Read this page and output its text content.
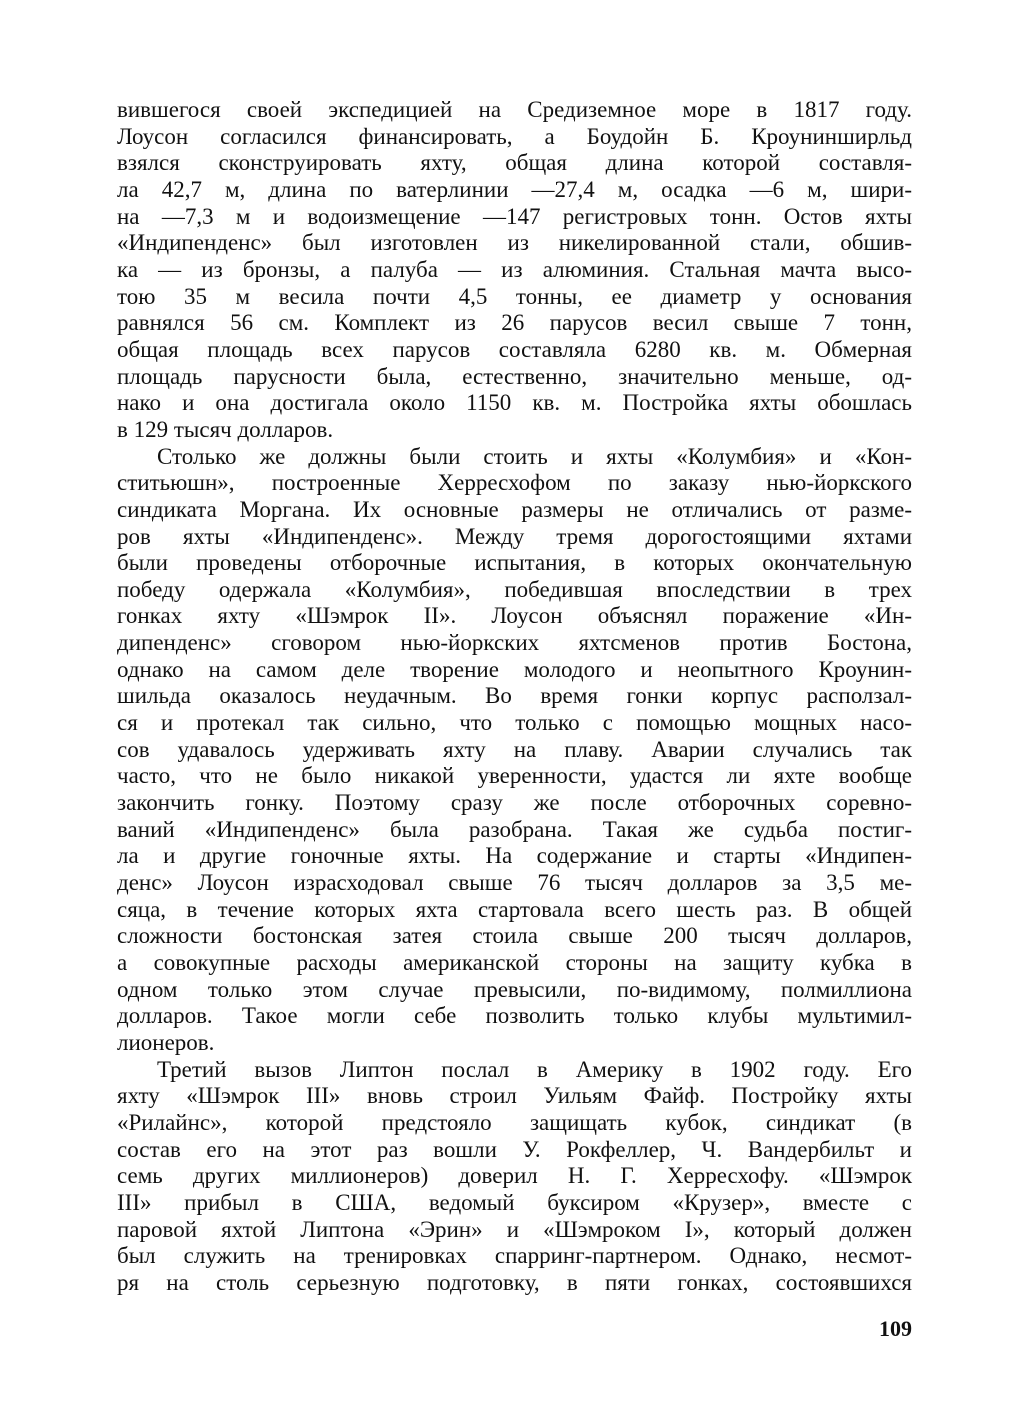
вившегося своей экспедицией на Средиземное море в 1817 году.
Лоусон согласился финансировать, а Боудойн Б. Кроунинширльд
взялся сконструировать яхту, общая длина которой составля-
ла 42,7 м, длина по ватерлинии —27,4 м, осадка —6 м, шири-
на —7,3 м и водоизмещение —147 регистровых тонн. Остов яхты
«Индипенденс» был изготовлен из никелированной стали, обшив-
ка — из бронзы, а палуба — из алюминия. Стальная мачта высо-
тою 35 м весила почти 4,5 тонны, ее диаметр у основания
равнялся 56 см. Комплект из 26 парусов весил свыше 7 тонн,
общая площадь всех парусов составляла 6280 кв. м. Обмерная
площадь парусности была, естественно, значительно меньше, од-
нако и она достигала около 1150 кв. м. Постройка яхты обошлась
в 129 тысяч долларов.
Столько же должны были стоить и яхты «Колумбия» и «Кон-
ститьюшн», построенные Херресхофом по заказу нью-йоркского
синдиката Моргана. Их основные размеры не отличались от разме-
ров яхты «Индипенденс». Между тремя дорогостоящими яхтами
были проведены отборочные испытания, в которых окончательную
победу одержала «Колумбия», победившая впоследствии в трех
гонках яхту «Шэмрок II». Лоусон объяснял поражение «Ин-
дипенденс» сговором нью-йоркских яхтсменов против Бостона,
однако на самом деле творение молодого и неопытного Кроунин-
шильда оказалось неудачным. Во время гонки корпус расползал-
ся и протекал так сильно, что только с помощью мощных насо-
сов удавалось удерживать яхту на плаву. Аварии случались так
часто, что не было никакой уверенности, удастся ли яхте вообще
закончить гонку. Поэтому сразу же после отборочных соревно-
ваний «Индипенденс» была разобрана. Такая же судьба постиг-
ла и другие гоночные яхты. На содержание и старты «Индипен-
денс» Лоусон израсходовал свыше 76 тысяч долларов за 3,5 ме-
сяца, в течение которых яхта стартовала всего шесть раз. В общей
сложности бостонская затея стоила свыше 200 тысяч долларов,
а совокупные расходы американской стороны на защиту кубка в
одном только этом случае превысили, по-видимому, полмиллиона
долларов. Такое могли себе позволить только клубы мультимил-
лионеров.
Третий вызов Липтон послал в Америку в 1902 году. Его
яхту «Шэмрок III» вновь строил Уильям Файф. Постройку яхты
«Рилайнс», которой предстояло защищать кубок, синдикат (в
состав его на этот раз вошли У. Рокфеллер, Ч. Вандербильт и
семь других миллионеров) доверил Н. Г. Херресхофу. «Шэмрок
III» прибыл в США, ведомый буксиром «Крузер», вместе с
паровой яхтой Липтона «Эрин» и «Шэмроком I», который должен
был служить на тренировках спарринг-партнером. Однако, несмот-
ря на столь серьезную подготовку, в пяти гонках, состоявшихся
109
